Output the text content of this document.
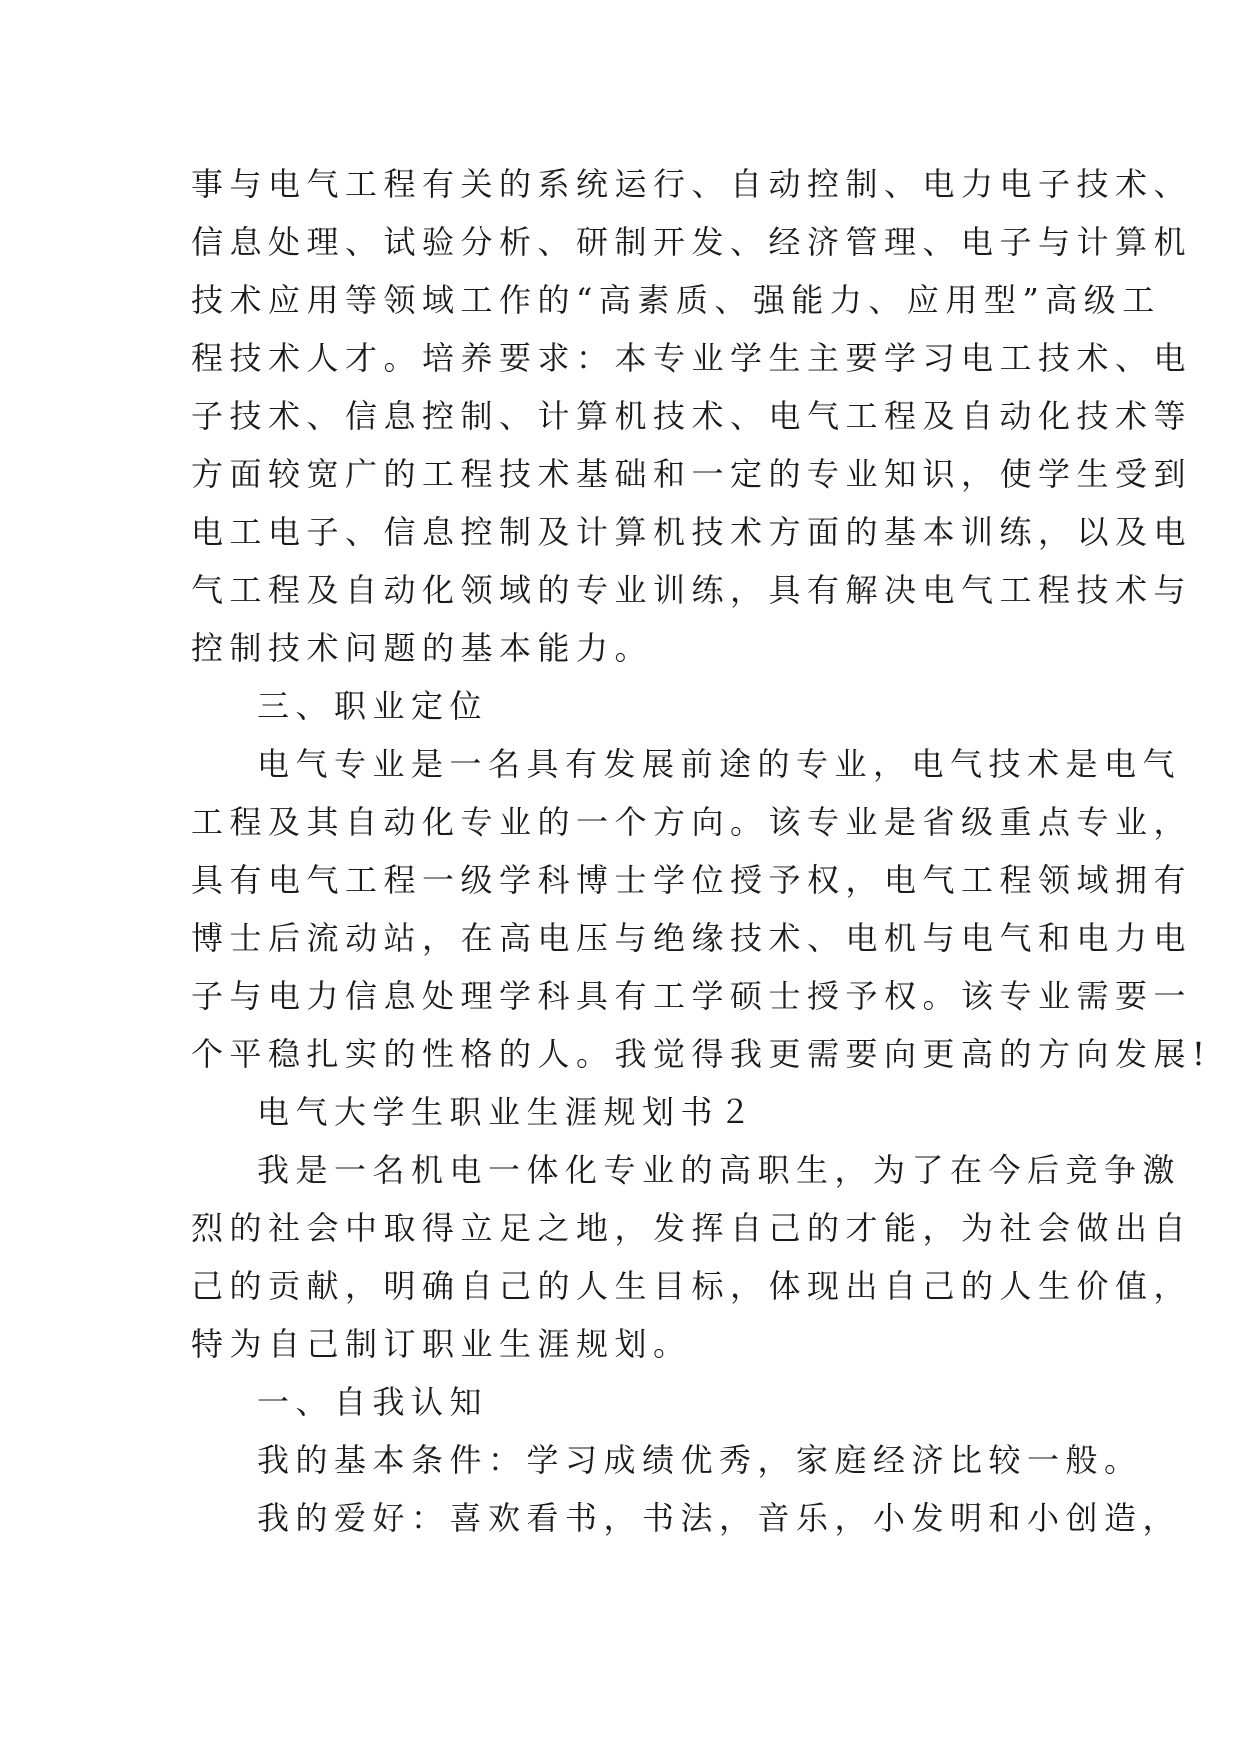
事与电气工程有关的系统运行、自动控制、电力电子技术、
信息处理、试验分析、研制开发、经济管理、电子与计算机
技术应用等领域工作的“高素质、强能力、应用型”高级工
程技术人才。培养要求：本专业学生主要学习电工技术、电
子技术、信息控制、计算机技术、电气工程及自动化技术等
方面较宽广的工程技术基础和一定的专业知识，使学生受到
电工电子、信息控制及计算机技术方面的基本训练，以及电
气工程及自动化领域的专业训练，具有解决电气工程技术与
控制技术问题的基本能力。
三、职业定位
电气专业是一名具有发展前途的专业，电气技术是电气
工程及其自动化专业的一个方向。该专业是省级重点专业，
具有电气工程一级学科博士学位授予权，电气工程领域拥有
博士后流动站，在高电压与绝缘技术、电机与电气和电力电
子与电力信息处理学科具有工学硕士授予权。该专业需要一
个平稳扎实的性格的人。我觉得我更需要向更高的方向发展!
电气大学生职业生涯规划书２
我是一名机电一体化专业的高职生，为了在今后竞争激
烈的社会中取得立足之地，发挥自己的才能，为社会做出自
己的贡献，明确自己的人生目标，体现出自己的人生价值，
特为自己制订职业生涯规划。
一、自我认知
我的基本条件：学习成绩优秀，家庭经济比较一般。
我的爱好：喜欢看书，书法，音乐，小发明和小创造，
